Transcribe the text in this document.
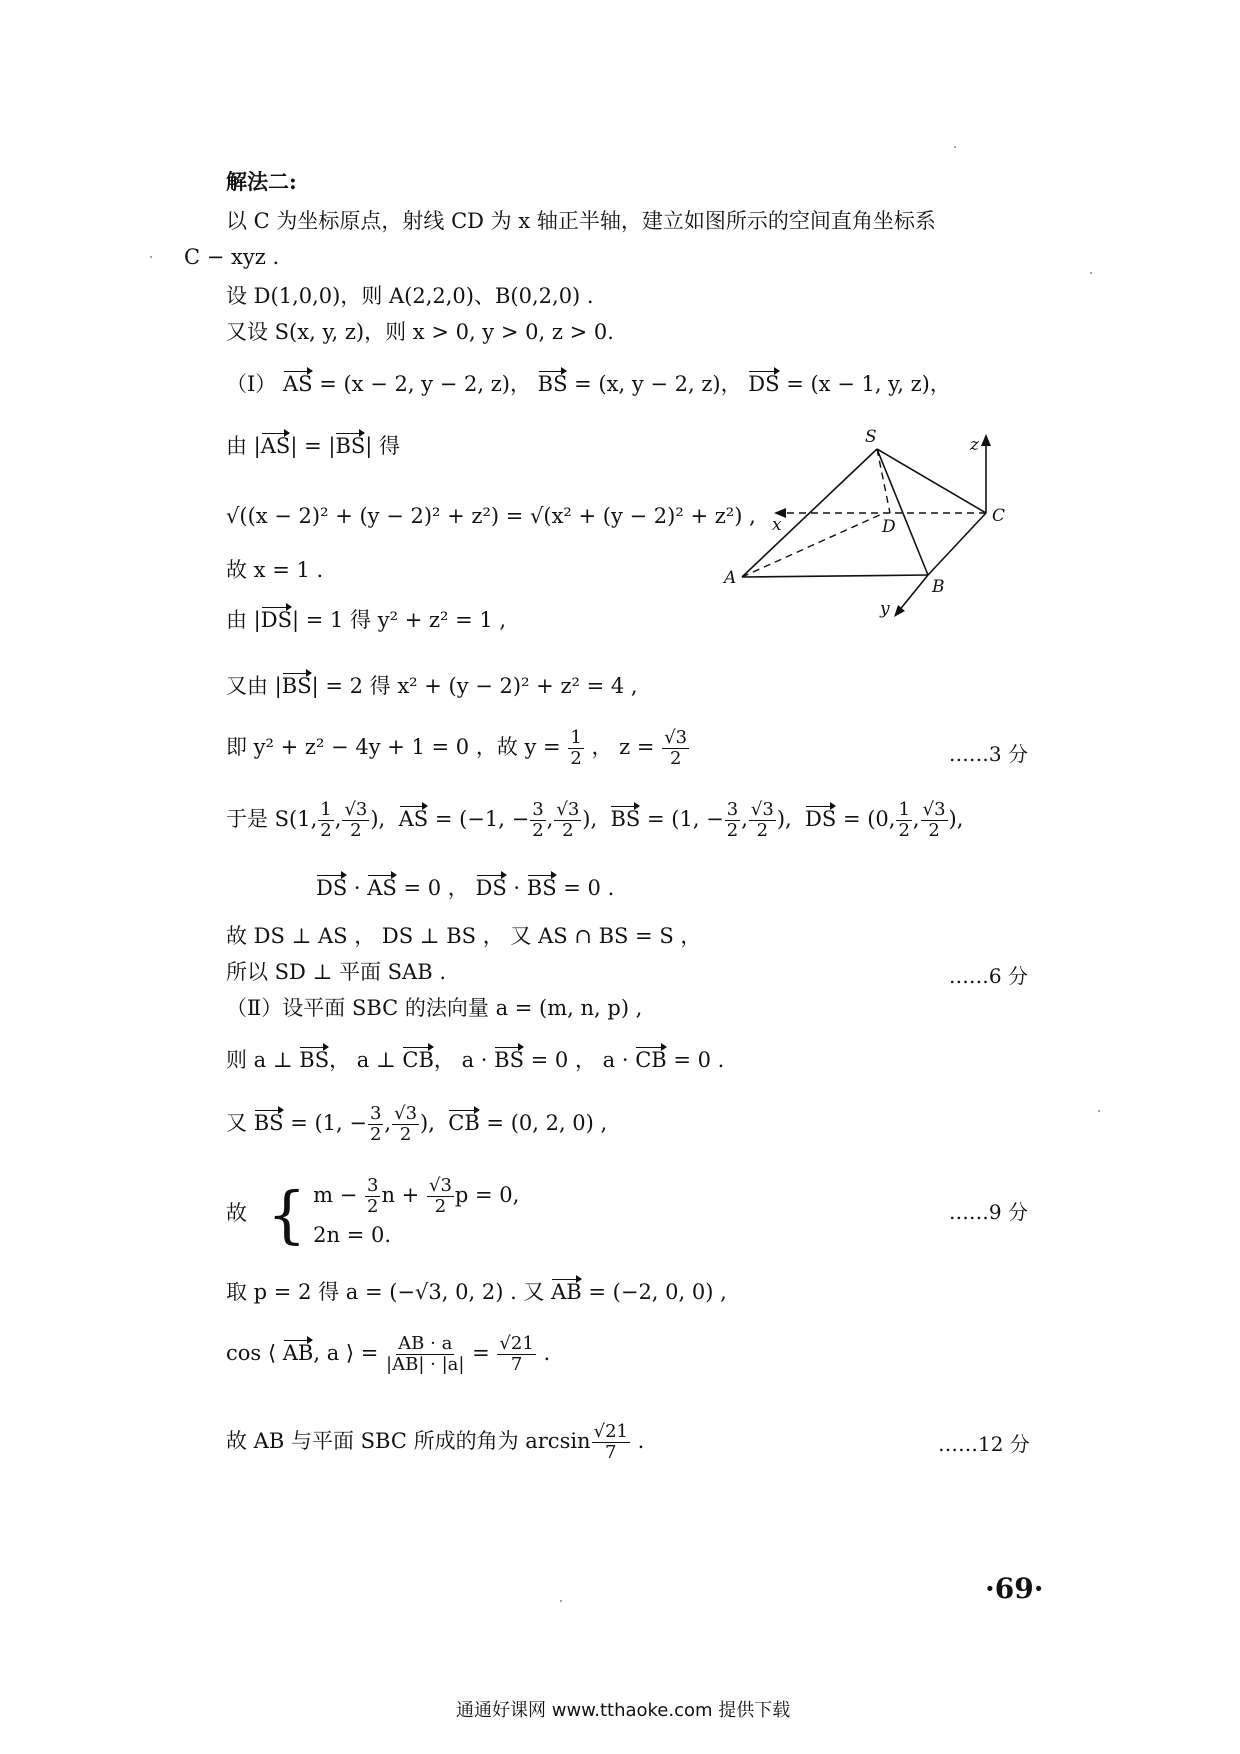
解法二:
以 C 为坐标原点，射线 CD 为 x 轴正半轴，建立如图所示的空间直角坐标系
C − xyz .
设 D(1,0,0)，则 A(2,2,0)、B(0,2,0) .
又设 S(x, y, z)，则 x > 0, y > 0, z > 0.
（Ⅰ） AS = (x − 2, y − 2, z)， BS = (x, y − 2, z)， DS = (x − 1, y, z)，
由 |AS| = |BS| 得
√((x − 2)² + (y − 2)² + z²) = √(x² + (y − 2)² + z²) ,
故 x = 1 .
由 |DS| = 1 得 y² + z² = 1 ,
又由 |BS| = 2 得 x² + (y − 2)² + z² = 4 ,
即 y² + z² − 4y + 1 = 0 ，故 $y = \frac{1}{2}$ ， $z = \frac{√3}{2}$	……3 分
于是 S(1, $\frac{1}{2}$ , $\frac{√3}{2}$ ), AS = (−1, − $\frac{3}{2}$ , $\frac{√3}{2}$ ),  BS = (1, − $\frac{3}{2}$ , $\frac{√3}{2}$ ),  DS = (0, $\frac{1}{2}$ , $\frac{√3}{2}$ ),
DS · AS = 0 ， DS · BS = 0 .
故 DS ⊥ AS ， DS ⊥ BS ， 又 AS ∩ BS = S ，
所以 SD ⊥ 平面 SAB .	……6 分
（Ⅱ）设平面 SBC 的法向量 a = (m, n, p) ,
则 a ⊥ BS， a ⊥ CB， a · BS = 0 ， a · CB = 0 .
又 BS = (1, − $\frac{3}{2}$ , $\frac{√3}{2}$ ),  CB = (0, 2, 0) ,
故 { $m - \frac{3}{2}$ $n + \frac{√3}{2}$ p = 0,
2n = 0.
……9 分
取 p = 2 得 a = (−√3, 0, 2) . 又 AB = (−2, 0, 0) ,
cos ⟨ AB, a ⟩ = $\frac{AB \cdot a}{|AB| \cdot |a|} = \frac{√21}{7}$ .
故 AB 与平面 SBC 所成的角为 $\arcsin \frac{√21}{7}$ .	……12 分
S	z
x	D
C
A	B
y
·69·
通通好课网 www.tthaoke.com 提供下载
